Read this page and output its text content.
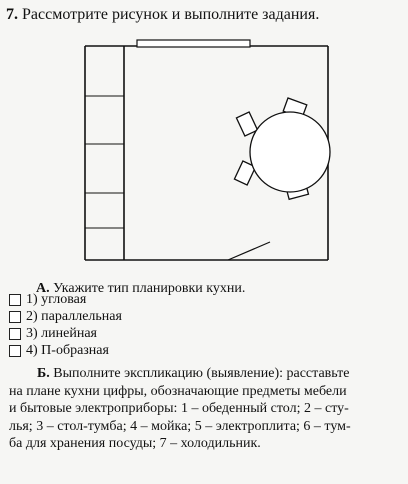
7. Рассмотрите рисунок и выполните задания.
А. Укажите тип планировки кухни.
1)
угловая
2)
параллельная
3)
линейная
4)
П-образная
Б. Выполните экспликацию (выявление): расставьте
на плане кухни цифры, обозначающие предметы мебели
и бытовые электроприборы: 1 – обеденный стол; 2 – сту-
лья; 3 – стол-тумба; 4 – мойка; 5 – электроплита; 6 – тум-
ба для хранения посуды; 7 – холодильник.
